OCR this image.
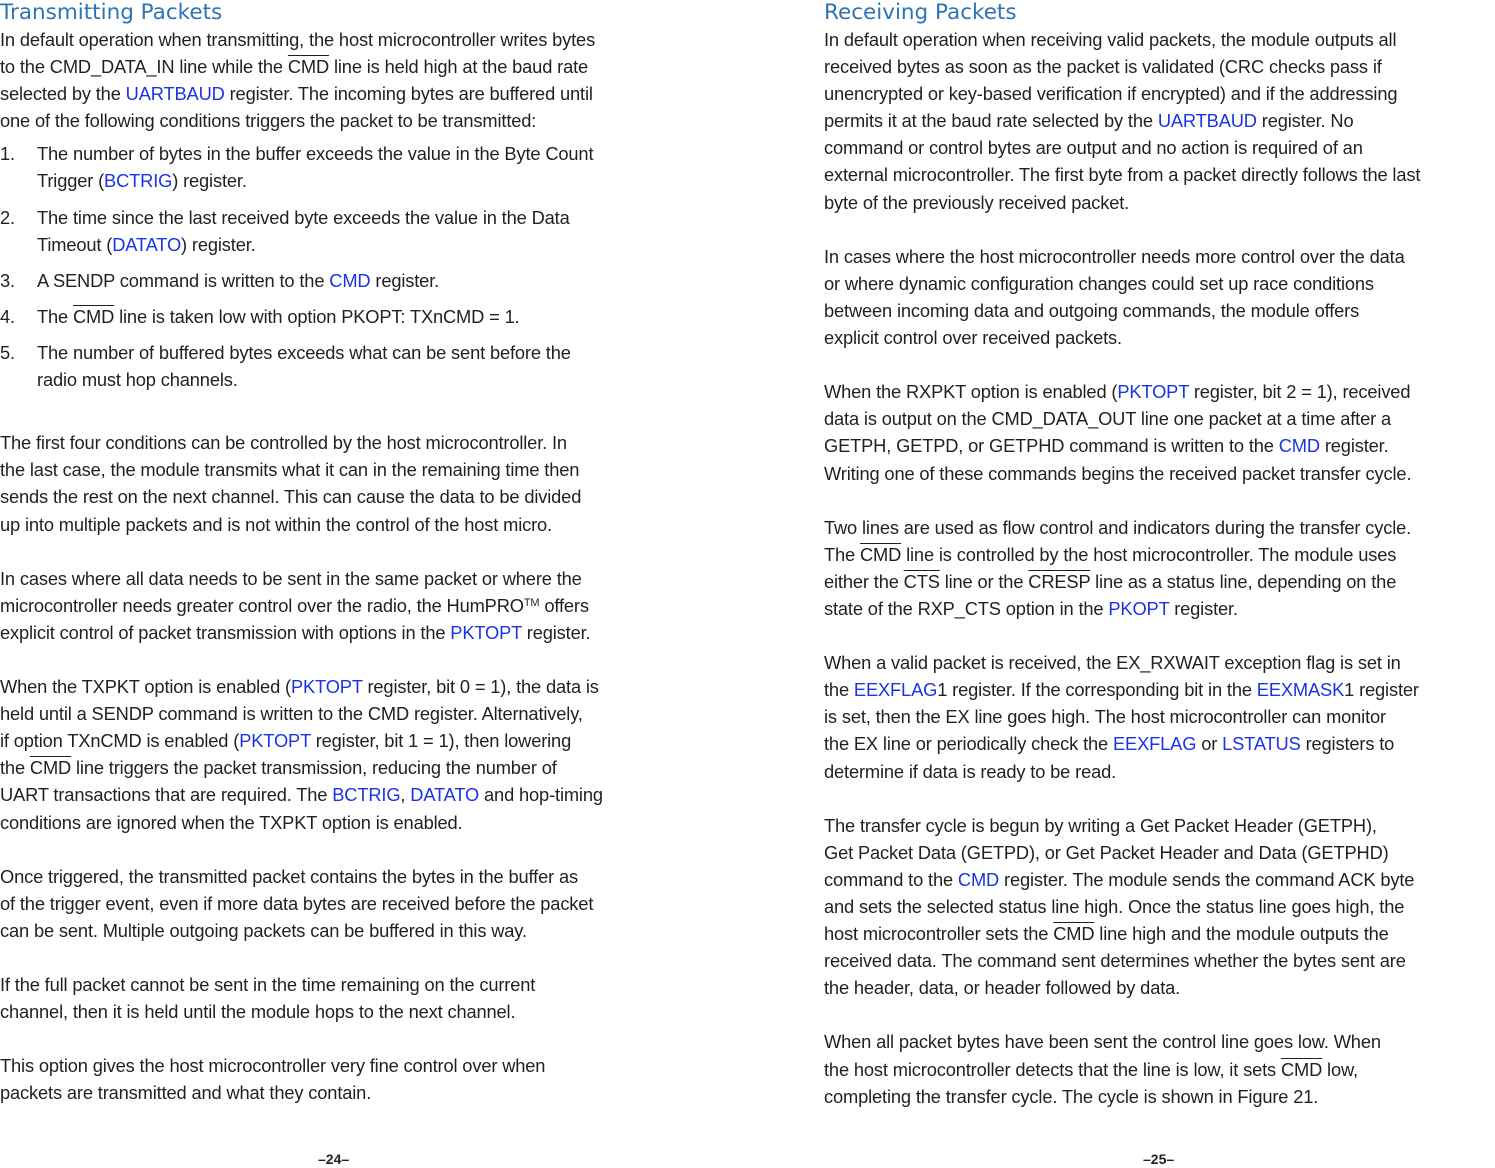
Transmitting Packets
In default operation when transmitting, the host microcontroller writes bytes
to the CMD_DATA_IN line while the $\overline{CMD}$ line is held high at the baud rate
selected by the UARTBAUD register. The incoming bytes are buffered until
one of the following conditions triggers the packet to be transmitted:
1. The number of bytes in the buffer exceeds the value in the Byte Count
Trigger (BCTRIG) register.
2. The time since the last received byte exceeds the value in the Data
Timeout (DATATO) register.
3. A SENDP command is written to the CMD register.
4. The $\overline{CMD}$ line is taken low with option PKOPT: TXnCMD = 1.
5. The number of buffered bytes exceeds what can be sent before the
radio must hop channels.
The first four conditions can be controlled by the host microcontroller. In
the last case, the module transmits what it can in the remaining time then
sends the rest on the next channel. This can cause the data to be divided
up into multiple packets and is not within the control of the host micro.
In cases where all data needs to be sent in the same packet or where the
microcontroller needs greater control over the radio, the HumPRO™ offers
explicit control of packet transmission with options in the PKTOPT register.
When the TXPKT option is enabled (PKTOPT register, bit 0 = 1), the data is
held until a SENDP command is written to the CMD register. Alternatively,
if option TXnCMD is enabled (PKTOPT register, bit 1 = 1), then lowering
the $\overline{CMD}$ line triggers the packet transmission, reducing the number of
UART transactions that are required. The BCTRIG, DATATO and hop-timing
conditions are ignored when the TXPKT option is enabled.
Once triggered, the transmitted packet contains the bytes in the buffer as
of the trigger event, even if more data bytes are received before the packet
can be sent. Multiple outgoing packets can be buffered in this way.
If the full packet cannot be sent in the time remaining on the current
channel, then it is held until the module hops to the next channel.
This option gives the host microcontroller very fine control over when
packets are transmitted and what they contain.
Receiving Packets
In default operation when receiving valid packets, the module outputs all
received bytes as soon as the packet is validated (CRC checks pass if
unencrypted or key-based verification if encrypted) and if the addressing
permits it at the baud rate selected by the UARTBAUD register. No
command or control bytes are output and no action is required of an
external microcontroller. The first byte from a packet directly follows the last
byte of the previously received packet.
In cases where the host microcontroller needs more control over the data
or where dynamic configuration changes could set up race conditions
between incoming data and outgoing commands, the module offers
explicit control over received packets.
When the RXPKT option is enabled (PKTOPT register, bit 2 = 1), received
data is output on the CMD_DATA_OUT line one packet at a time after a
GETPH, GETPD, or GETPHD command is written to the CMD register.
Writing one of these commands begins the received packet transfer cycle.
Two lines are used as flow control and indicators during the transfer cycle.
The $\overline{CMD}$ line is controlled by the host microcontroller. The module uses
either the $\overline{CTS}$ line or the CRESP line as a status line, depending on the
state of the RXP_CTS option in the PKOPT register.
When a valid packet is received, the EX_RXWAIT exception flag is set in
the EEXFLAG1 register. If the corresponding bit in the EEXMASK1 register
is set, then the EX line goes high. The host microcontroller can monitor
the EX line or periodically check the EEXFLAG or LSTATUS registers to
determine if data is ready to be read.
The transfer cycle is begun by writing a Get Packet Header (GETPH),
Get Packet Data (GETPD), or Get Packet Header and Data (GETPHD)
command to the CMD register. The module sends the command ACK byte
and sets the selected status line high. Once the status line goes high, the
host microcontroller sets the $\overline{CMD}$ line high and the module outputs the
received data. The command sent determines whether the bytes sent are
the header, data, or header followed by data.
When all packet bytes have been sent the control line goes low. When
the host microcontroller detects that the line is low, it sets $\overline{CMD}$ low,
completing the transfer cycle. The cycle is shown in Figure 21.
–24–	–25–
